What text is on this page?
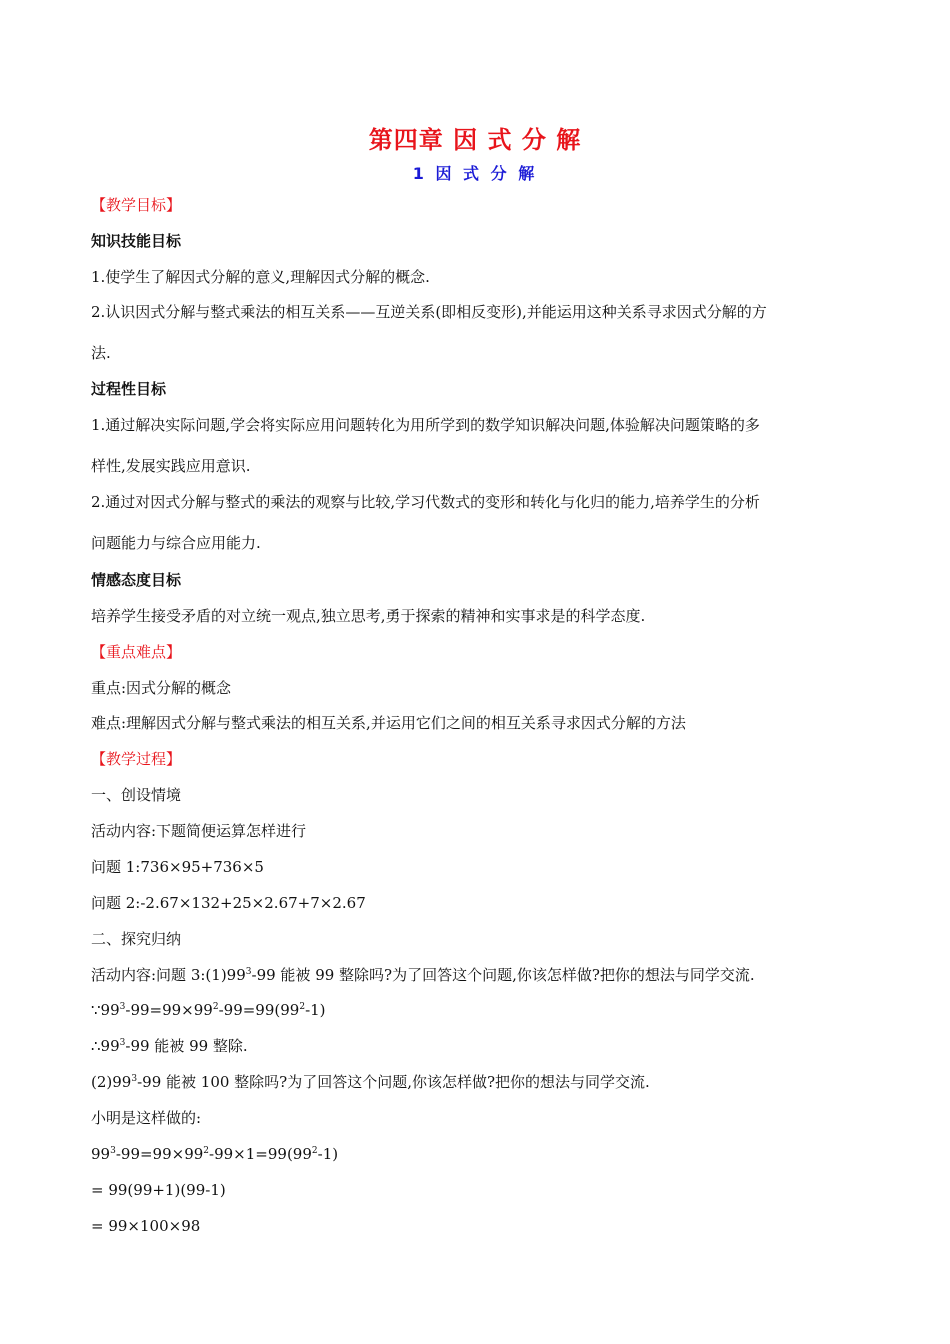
第四章 因 式 分 解
1 因 式 分 解
【教学目标】
知识技能目标
1.使学生了解因式分解的意义,理解因式分解的概念.
2.认识因式分解与整式乘法的相互关系——互逆关系(即相反变形),并能运用这种关系寻求因式分解的方
法.
过程性目标
1.通过解决实际问题,学会将实际应用问题转化为用所学到的数学知识解决问题,体验解决问题策略的多
样性,发展实践应用意识.
2.通过对因式分解与整式的乘法的观察与比较,学习代数式的变形和转化与化归的能力,培养学生的分析
问题能力与综合应用能力.
情感态度目标
培养学生接受矛盾的对立统一观点,独立思考,勇于探索的精神和实事求是的科学态度.
【重点难点】
重点:因式分解的概念
难点:理解因式分解与整式乘法的相互关系,并运用它们之间的相互关系寻求因式分解的方法
【教学过程】
一、创设情境
活动内容:下题简便运算怎样进行
问题 1:736×95+736×5
问题 2:-2.67×132+25×2.67+7×2.67
二、探究归纳
活动内容:问题 $3:(1)99^3-99$ 能被 99 整除吗?为了回答这个问题,你该怎样做?把你的想法与同学交流.
$\because 99^3-99=99\times 99^2-99=99(99^2-1)$
$\therefore 99^3-99$ 能被 99 整除.
$(2)99^3-99$ 能被 100 整除吗?为了回答这个问题,你该怎样做?把你的想法与同学交流.
小明是这样做的:
$99^3-99=99\times 99^2-99\times 1=99(99^2-1)$
= 99(99+1)(99-1)
= 99×100×98
